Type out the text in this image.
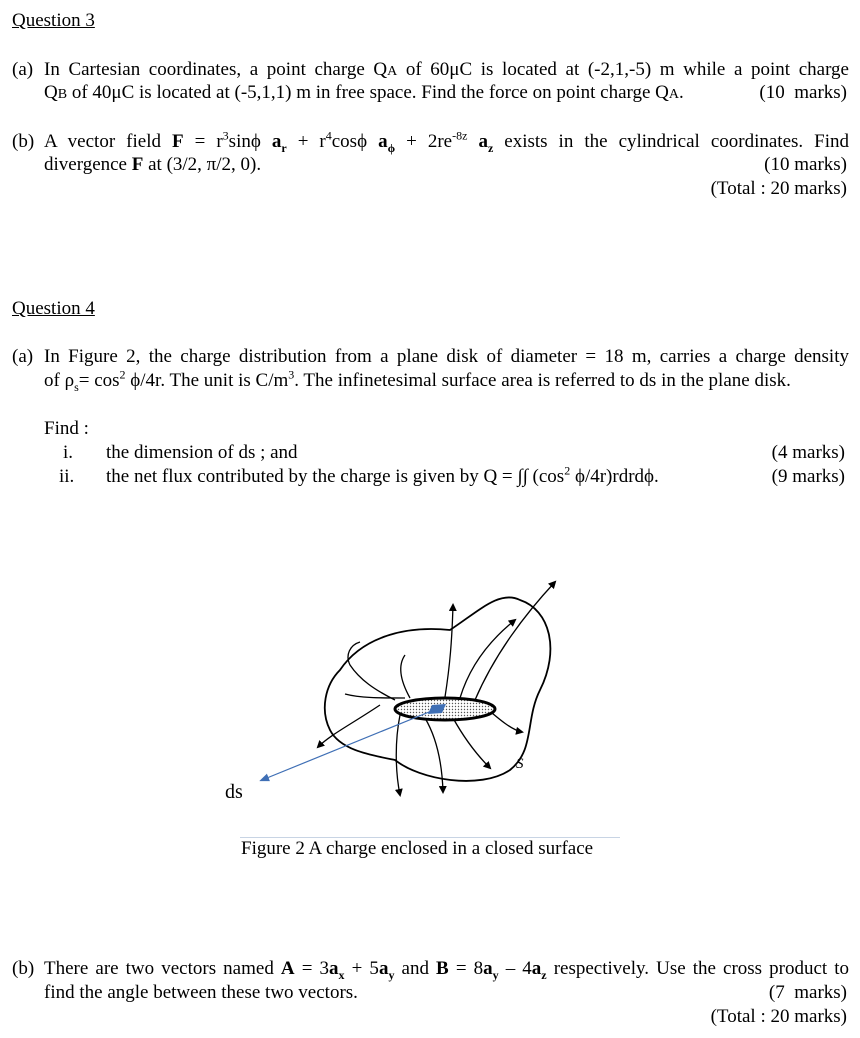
Question 3
(a) In Cartesian coordinates, a point charge QA of 60μC is located at (-2,1,-5) m while a point charge
QB of 40μC is located at (-5,1,1) m in free space. Find the force on point charge QA.	(10  marks)
(b) A vector field $F = r^3\sin\phi$ $a_r + r^4\cos\phi$ $a_\phi + 2re^{-8z}$ $a_z$ exists in the cylindrical coordinates. Find
divergence F at (3/2, π/2, 0).	(10 marks)
(Total : 20 marks)
Question 4
(a) In Figure 2, the charge distribution from a plane disk of diameter = 18 m, carries a charge density
of $\rho_s= \cos^2 \phi/4r$. The unit is $C/m^3$. The infinetesimal surface area is referred to ds in the plane disk.
Find :
i. the dimension of ds ; and	(4 marks)
ii. the net flux contributed by the charge is given by Q = ∫∫ ($\cos^2$ ϕ/4r)rdrdϕ.	(9 marks)
ds
S
Figure 2 A charge enclosed in a closed surface
(b) There are two vectors named $A = 3a_x + 5a_y$ and $B = 8a_y - 4a_z$ respectively. Use the cross product to
find the angle between these two vectors.	(7  marks)
(Total : 20 marks)
